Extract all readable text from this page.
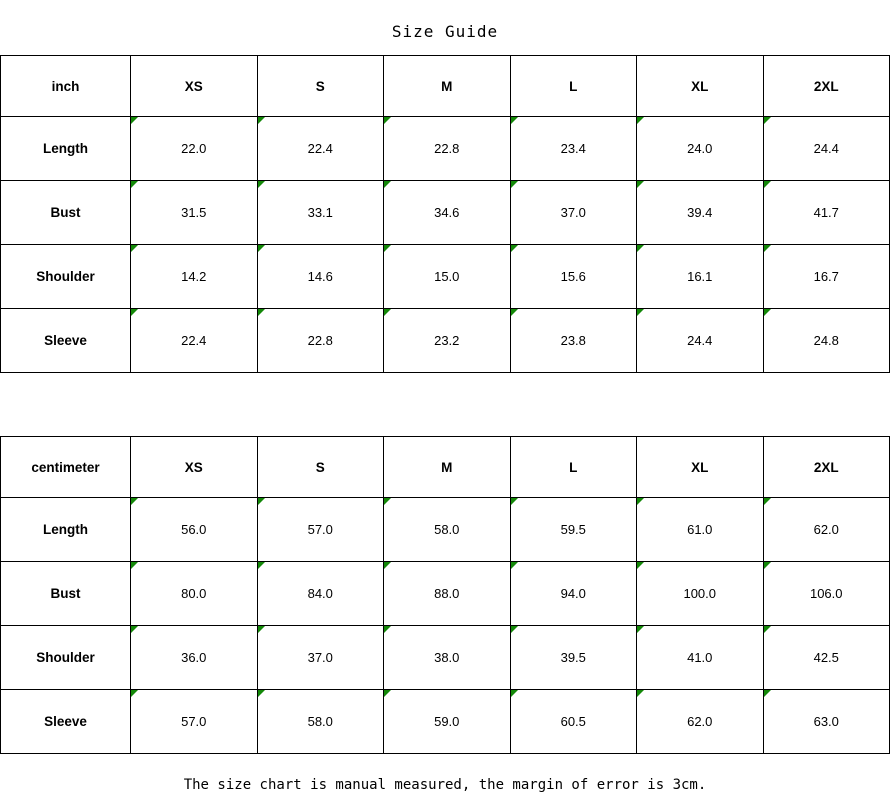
Size Guide
inch	XS	S	M	L	XL	2XL
Length	22.0	22.4	22.8	23.4	24.0	24.4
Bust	31.5	33.1	34.6	37.0	39.4	41.7
Shoulder	14.2	14.6	15.0	15.6	16.1	16.7
Sleeve	22.4	22.8	23.2	23.8	24.4	24.8
centimeter	XS	S	M	L	XL	2XL
Length	56.0	57.0	58.0	59.5	61.0	62.0
Bust	80.0	84.0	88.0	94.0	100.0	106.0
Shoulder	36.0	37.0	38.0	39.5	41.0	42.5
Sleeve	57.0	58.0	59.0	60.5	62.0	63.0
The size chart is manual measured, the margin of error is 3cm.
